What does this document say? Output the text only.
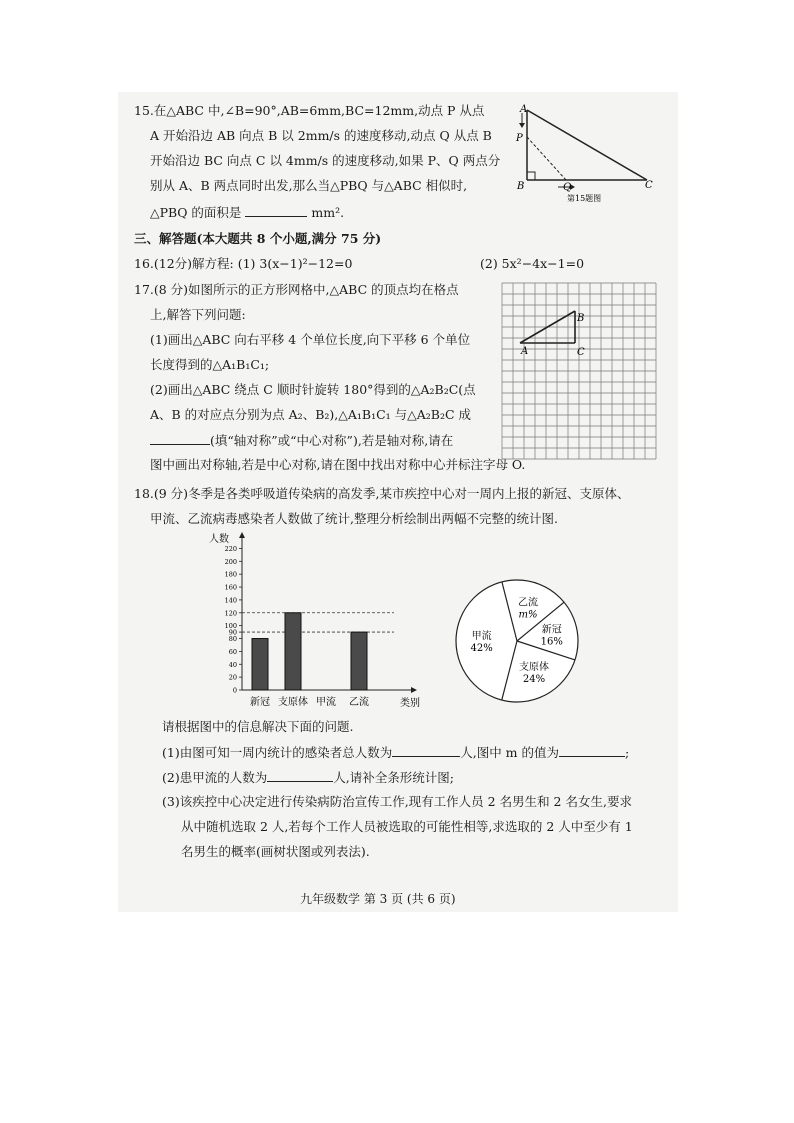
15.在△ABC 中,∠B=90°,AB=6mm,BC=12mm,动点 P 从点
A 开始沿边 AB 向点 B 以 2mm/s 的速度移动,动点 Q 从点 B
开始沿边 BC 向点 C 以 4mm/s 的速度移动,如果 P、Q 两点分
别从 A、B 两点同时出发,那么当△PBQ 与△ABC 相似时,
△PBQ 的面积是	mm².
A
P
B	Q	C
第15题图
三、解答题(本大题共 8 个小题,满分 75 分)
16.(12分)解方程: (1) 3(x−1)²−12=0	(2) 5x²−4x−1=0
17.(8 分)如图所示的正方形网格中,△ABC 的顶点均在格点
上,解答下列问题:
(1)画出△ABC 向右平移 4 个单位长度,向下平移 6 个单位
长度得到的△A₁B₁C₁;
(2)画出△ABC 绕点 C 顺时针旋转 180°得到的△A₂B₂C(点
A、B 的对应点分别为点 A₂、B₂),△A₁B₁C₁ 与△A₂B₂C 成
(填“轴对称”或“中心对称”),若是轴对称,请在
图中画出对称轴,若是中心对称,请在图中找出对称中心并标注字母 O.
A
B
C
18.(9 分)冬季是各类呼吸道传染病的高发季,某市疾控中心对一周内上报的新冠、支原体、
甲流、乙流病毒感染者人数做了统计,整理分析绘制出两幅不完整的统计图.
人数
类别
0
20
40
60
80
90
100
120
140
160
180
200
220
新冠 支原体 甲流 乙流
乙流
m%
新冠
16%
支原体
24%
甲流
42%
请根据图中的信息解决下面的问题.
(1)由图可知一周内统计的感染者总人数为	人,图中 m 的值为	;
(2)患甲流的人数为	人,请补全条形统计图;
(3)该疾控中心决定进行传染病防治宣传工作,现有工作人员 2 名男生和 2 名女生,要求
从中随机选取 2 人,若每个工作人员被选取的可能性相等,求选取的 2 人中至少有 1
名男生的概率(画树状图或列表法).
九年级数学 第 3 页 (共 6 页)
